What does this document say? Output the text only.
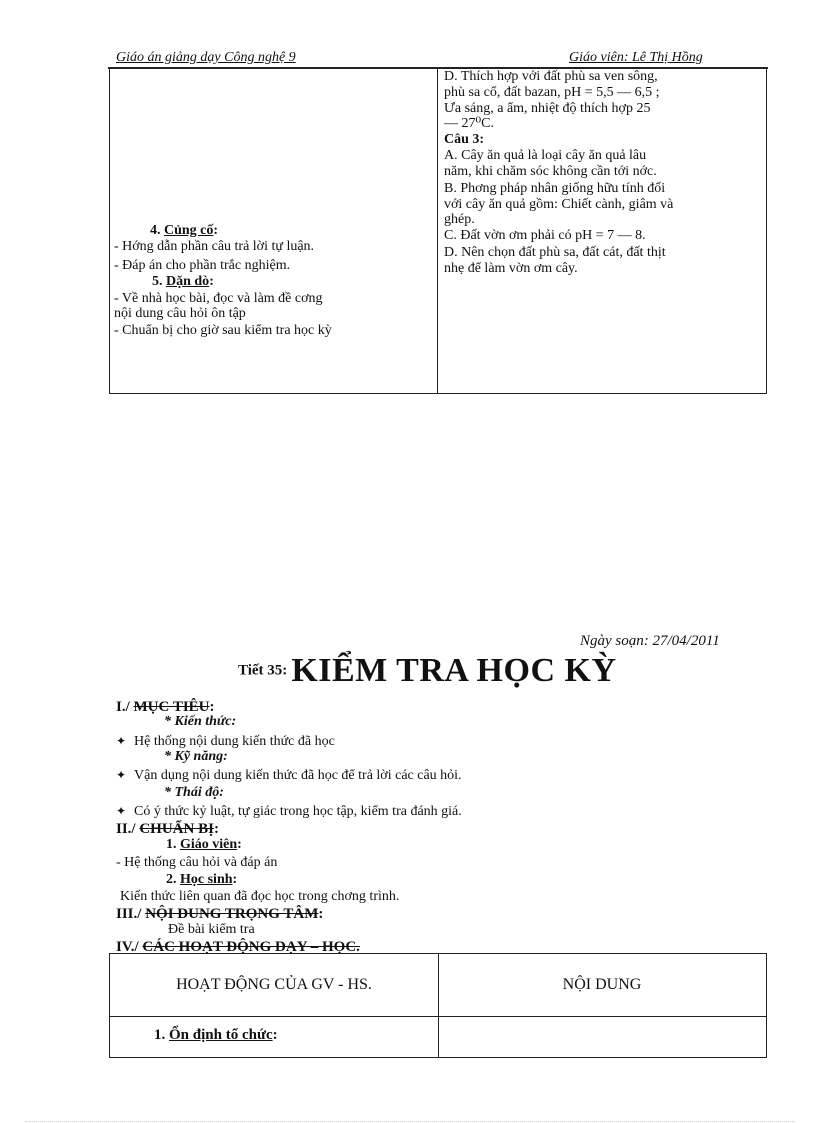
Giáo án giảng dạy Công nghệ 9	Giáo viên: Lê Thị Hồng
4. Củng cố:
- Hớng dẫn phần câu trả lời tự luận.
- Đáp án cho phần trắc nghiệm.
5. Dặn dò:
- Về nhà học bài, đọc và làm đề cơng
nội dung câu hỏi ôn tập
- Chuẩn bị cho giờ sau kiểm tra học kỳ
D. Thích hợp với đất phù sa ven sông,
phù sa cổ, đất bazan, pH = 5,5 — 6,5 ;
Ưa sáng, a ẩm, nhiệt độ thích hợp 25
— 27⁰C.
Câu 3:
A. Cây ăn quả là loại cây ăn quả lâu
năm, khi chăm sóc không cần tới nớc.
B. Phơng pháp nhân giống hữu tính đối
với cây ăn quả gồm: Chiết cành, giâm và
ghép.
C. Đất vờn ơm phải có pH = 7 — 8.
D. Nên chọn đất phù sa, đất cát, đất thịt
nhẹ để làm vờn ơm cây.
Ngày soạn: 27/04/2011
Tiết 35: KIỂM TRA HỌC KỲ
I./ MỤC TIÊU:
* Kiến thức:
✦ Hệ thống nội dung kiến thức đã học
* Kỹ năng:
✦ Vận dụng nội dung kiến thức đã học để trả lời các câu hỏi.
* Thái độ:
✦ Có ý thức kỷ luật, tự giác trong học tập, kiểm tra đánh giá.
II./ CHUẨN BỊ:
1. Giáo viên:
- Hệ thống câu hỏi và đáp án
2. Học sinh:
Kiến thức liên quan đã đọc học trong chơng trình.
III./ NỘI DUNG TRỌNG TÂM:
Đề bài kiểm tra
IV./ CÁC HOẠT ĐỘNG DẠY – HỌC.
HOẠT ĐỘNG CỦA GV - HS.	NỘI DUNG
1. Ổn định tổ chức:
